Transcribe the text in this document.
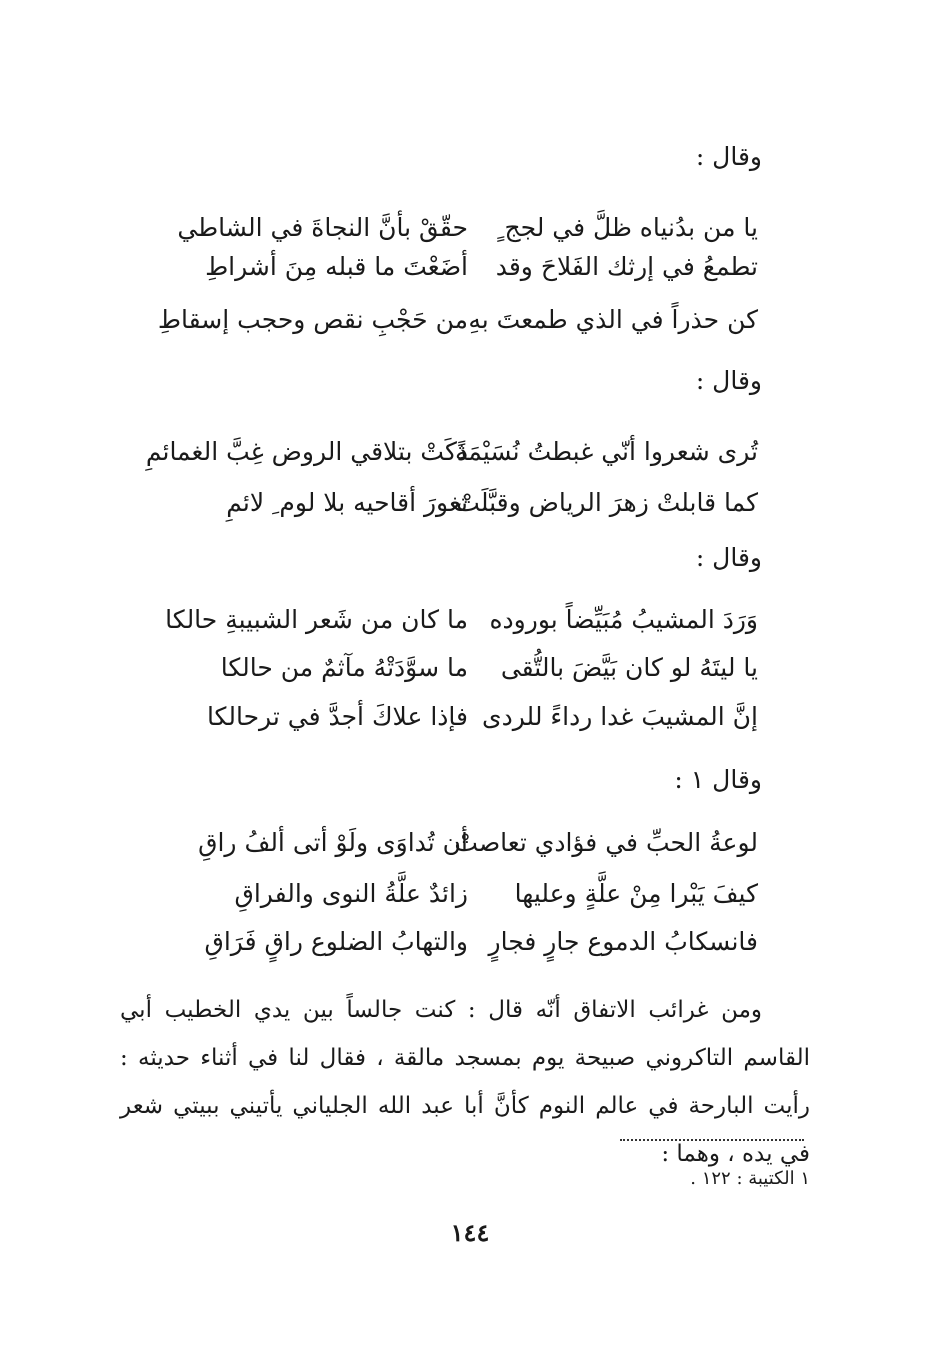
وقال :
يا من بدُنياه ظلَّ في لجج ٍ
حقّقْ بأنَّ النجاةَ في الشاطي
تطمعُ في إرثك الفَلاحَ وقد
أضَعْتَ ما قبله مِنَ أشراطِ
كن حذراً في الذي طمعتَ بهِ
من حَجْبِ نقص وحجب إسقاطِ
وقال :
تُرى شعروا أنّي غبطتُ نُسَيْمَةً
ذكَتْ بتلاقي الروض غِبَّ الغمائمِ
كما قابلتْ زهرَ الرياض وقبَّلَتْ
ثغورَ أقاحيه بلا لوم ِ لائمِ
وقال :
وَرَدَ المشيبُ مُبَيِّضاً بوروده
ما كان من شَعر الشبيبةِ حالكا
يا ليتَهُ لو كان بَيَّضَ بالتُّقى
ما سوَّدَتْهُ مآثمٌ من حالكا
إنَّ المشيبَ غدا رداءً للردى
فإذا علاكَ أجدَّ في ترحالكا
وقال ١ :
لوعةُ الحبِّ في فؤادي تعاصتْ
أن تُداوَى ولَوْ أتى ألفُ راقِ
كيفَ يَبْرا مِنْ علَّةٍ وعليها
زائدٌ علَّةُ النوى والفراقِ
فانسكابُ الدموع جارٍ فجارٍ
والتهابُ الضلوع راقٍ فَرَاقِ

ومن غرائب الاتفاق أنّه قال : كنت جالساً بين يدي الخطيب أبي القاسم التاكروني صبيحة يوم بمسجد مالقة ، فقال لنا في أثناء حديثه : رأيت البارحة في عالم النوم كأنَّ أبا عبد الله الجلياني يأتيني ببيتي شعر في يده ، وهما :

١ الكتيبة : ١٢٢ .
١٤٤
